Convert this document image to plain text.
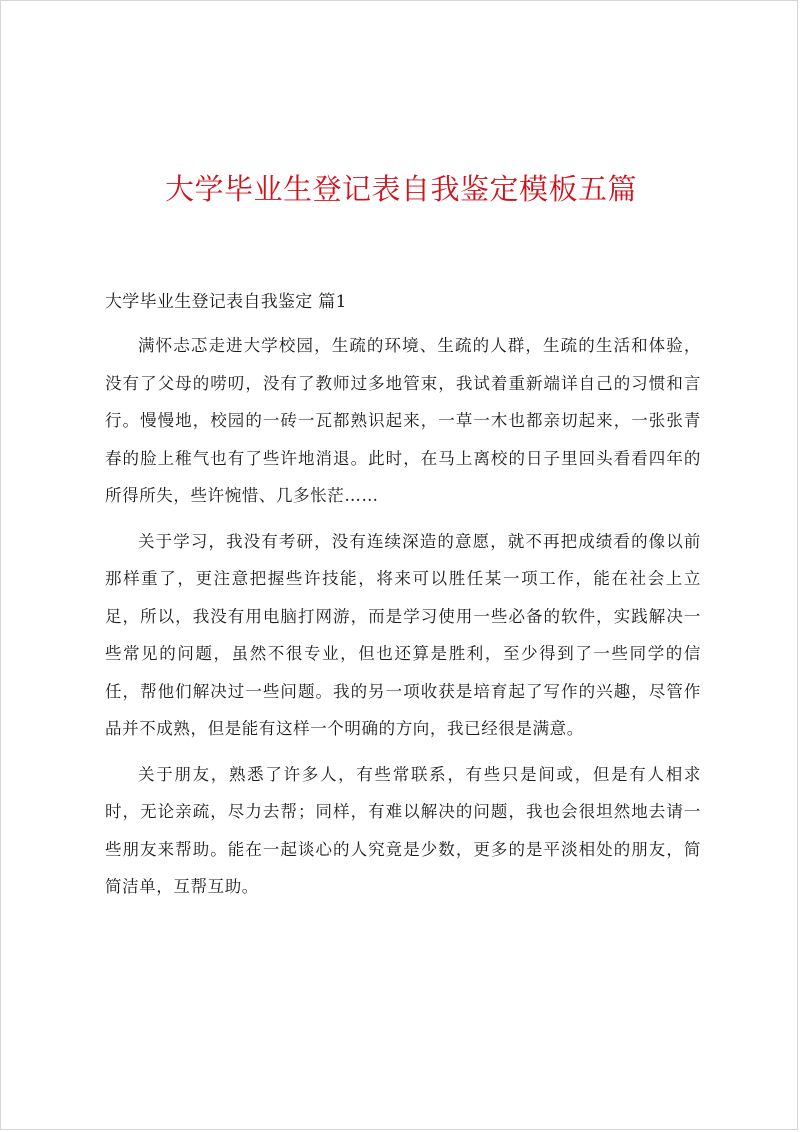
大学毕业生登记表自我鉴定模板五篇
大学毕业生登记表自我鉴定 篇1

满怀忐忑走进大学校园，生疏的环境、生疏的人群，生疏的生活和体验，没有了父母的唠叨，没有了教师过多地管束，我试着重新端详自己的习惯和言行。慢慢地，校园的一砖一瓦都熟识起来，一草一木也都亲切起来，一张张青春的脸上稚气也有了些许地消退。此时，在马上离校的日子里回头看看四年的所得所失，些许惋惜、几多怅茫……

关于学习，我没有考研，没有连续深造的意愿，就不再把成绩看的像以前那样重了，更注意把握些许技能，将来可以胜任某一项工作，能在社会上立足，所以，我没有用电脑打网游，而是学习使用一些必备的软件，实践解决一些常见的问题，虽然不很专业，但也还算是胜利，至少得到了一些同学的信任，帮他们解决过一些问题。我的另一项收获是培育起了写作的兴趣，尽管作品并不成熟，但是能有这样一个明确的方向，我已经很是满意。

关于朋友，熟悉了许多人，有些常联系，有些只是间或，但是有人相求时，无论亲疏，尽力去帮；同样，有难以解决的问题，我也会很坦然地去请一些朋友来帮助。能在一起谈心的人究竟是少数，更多的是平淡相处的朋友，简简洁单，互帮互助。
